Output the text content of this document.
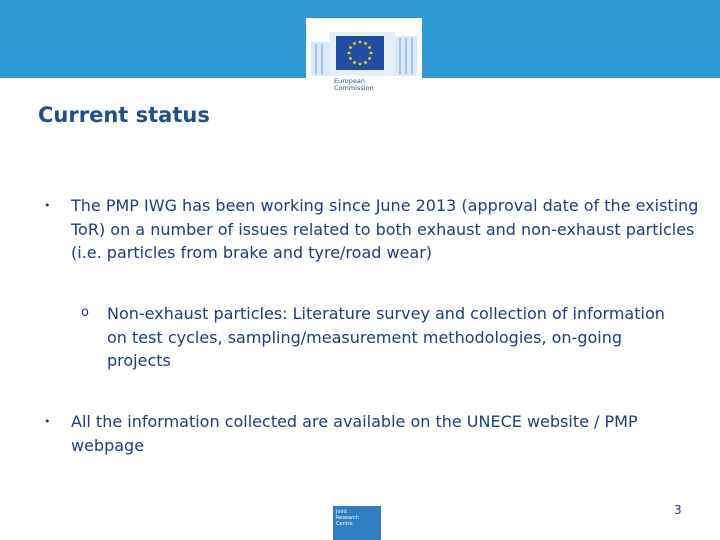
European
Commission
Current status
• The PMP IWG has been working since June 2013 (approval date of the existing ToR) on a number of issues related to both exhaust and non-exhaust particles (i.e. particles from brake and tyre/road wear)
o Non-exhaust particles: Literature survey and collection of information on test cycles, sampling/measurement methodologies, on-going projects
• All the information collected are available on the UNECE website / PMP webpage
Joint
Research
Centre
3
